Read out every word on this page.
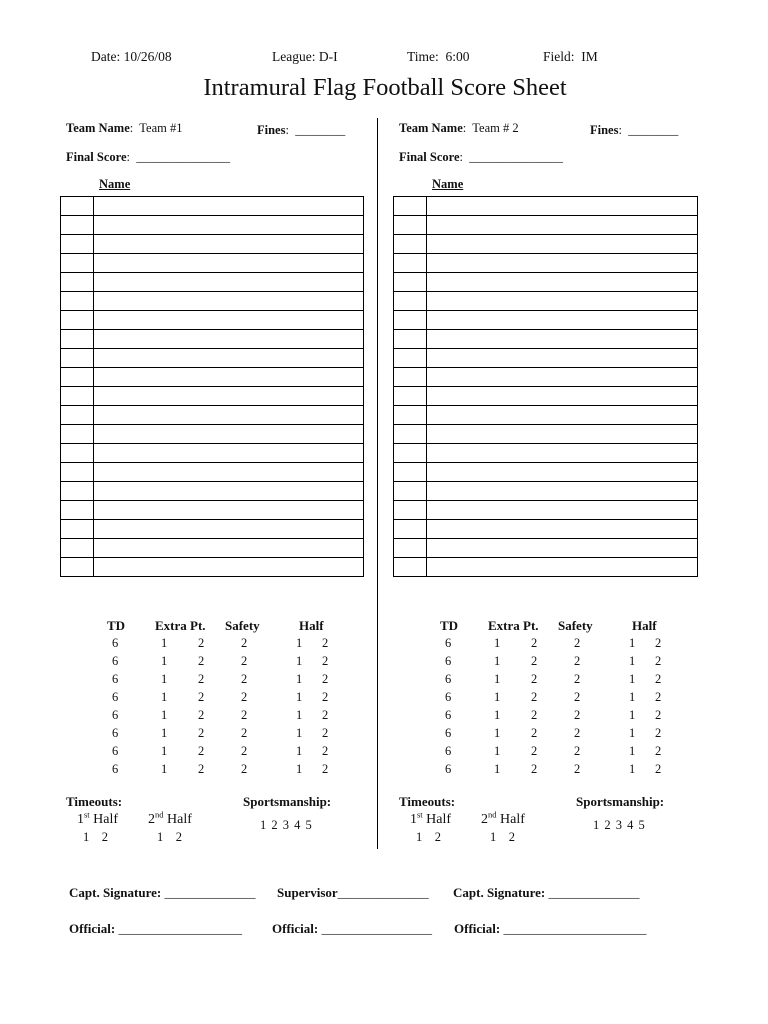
Date: 10/26/08	League: D-I	Time: 6:00	Field: IM
Intramural Flag Football Score Sheet
Team Name:  Team #1	Fines:  ________
Final Score:  _______________
Name

TD Extra Pt. Safety	Half
6	1 2	2	1 2
6	1 2	2	1 2
6	1 2	2	1 2
6	1 2	2	1 2
6	1 2	2	1 2
6	1 2	2	1 2
6	1 2	2	1 2
6	1 2	2	1 2
Timeouts:
1st Half 2nd Half
1    2	1    2
Sportsmanship:
1 2 3 4 5
Team Name:  Team # 2	Fines:  ________
Final Score:  _______________
Name

TD Extra Pt. Safety	Half
6	1 2	2	1 2
6	1 2	2	1 2
6	1 2	2	1 2
6	1 2	2	1 2
6	1 2	2	1 2
6	1 2	2	1 2
6	1 2	2	1 2
6	1 2	2	1 2
Timeouts:
1st Half 2nd Half
1    2	1    2
Sportsmanship:
1 2 3 4 5
Capt. Signature: ______________ Supervisor______________ Capt. Signature: ______________
Official: ___________________ Official: _________________ Official: ______________________
